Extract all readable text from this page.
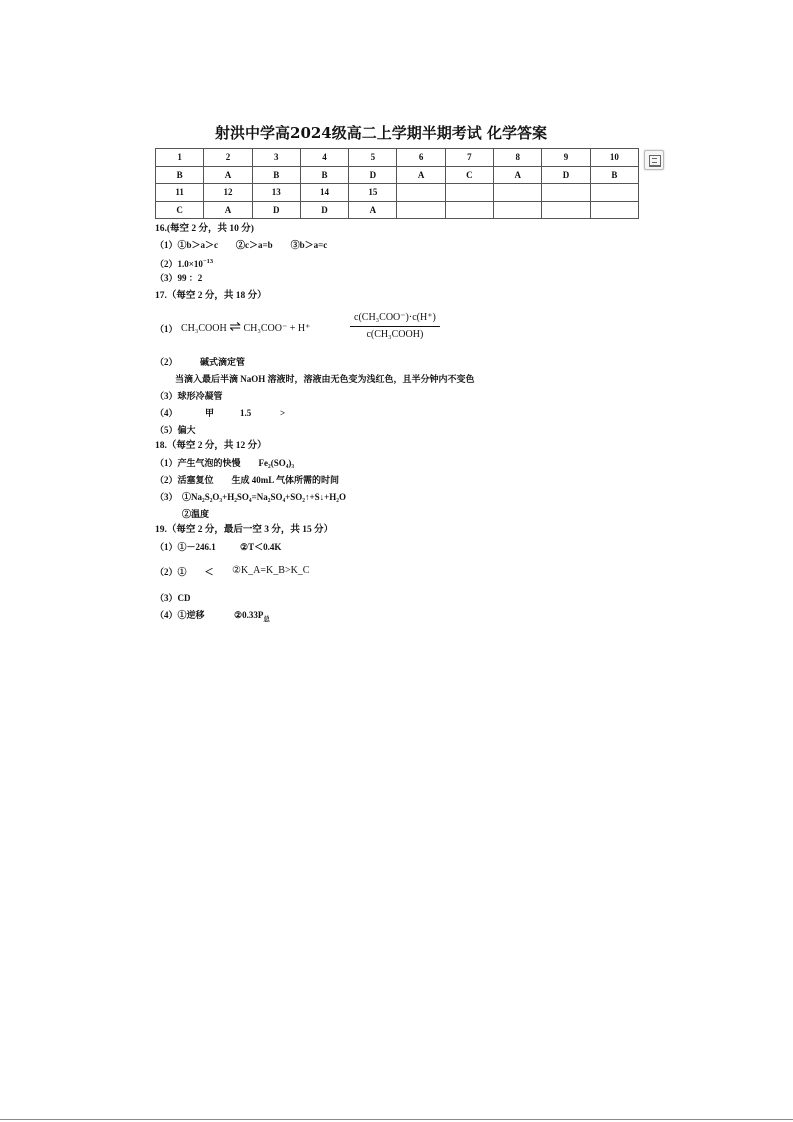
射洪中学高2024级高二上学期半期考试 化学答案
1	2	3	4	5	6	7	8	9	10
B	A	B	B	D	A	C	A	D	B
11	12	13	14	15					
C	A	D	D	A					
16.(每空 2 分，共 10 分)
（1）①b＞a＞c　　②c＞a=b　　③b＞a=c
$(2)1.0\times 10^{-13}$
（3）99 ：2
17.（每空 2 分，共 18 分）
（1） CH₃COOH ⇌ CH₃COO⁻ + H⁺	$\frac{\text{c(CH₃COO⁻)·c(H⁺)}}{\text{c(CH₃COOH)}}$
（2） 碱式滴定管
当滴入最后半滴 NaOH 溶液时，溶液由无色变为浅红色，且半分钟内不变色
（3）球形冷凝管
（4）	甲	1.5	>
（5）偏大
18.（每空 2 分，共 12 分）
（1）产生气泡的快慢　　Fe₂(SO₄)₃
（2）活塞复位　　生成 40mL 气体所需的时间
（3）　①Na₂S₂O₃+H₂SO₄=Na₂SO₄+SO₂↑+S↓+H₂O
②温度
19.（每空 2 分，最后一空 3 分，共 15 分）
（1）①－246.1	②T＜0.4K
（2）①　　＜ ②K_A=K_B>K_C
（3）CD
（4）①逆移	$②0.33P_总$
